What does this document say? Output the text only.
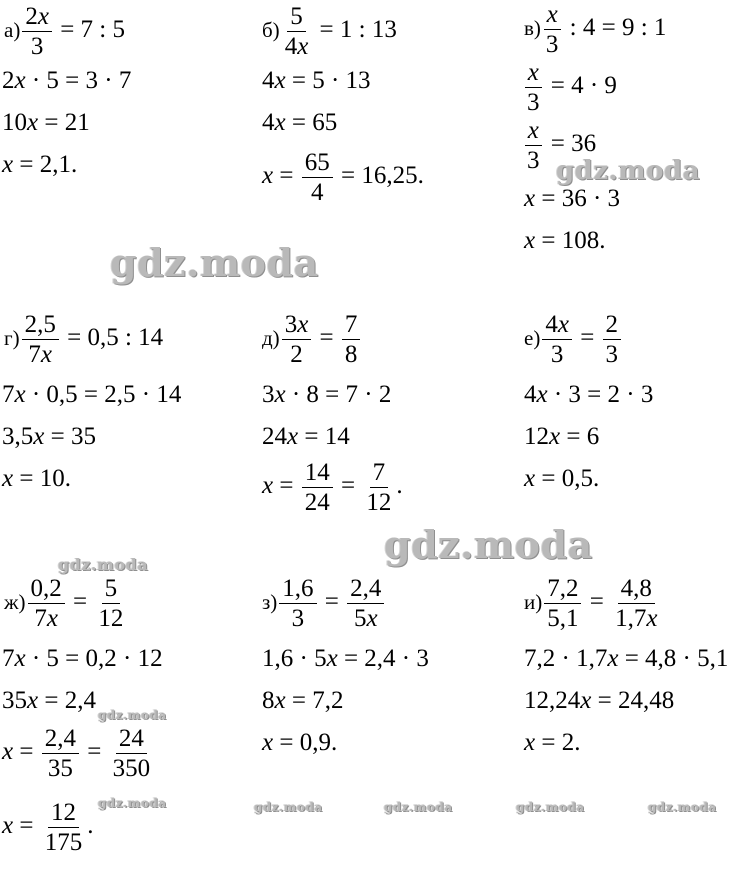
$а) \frac{2x}{3} = 7$ : 5
2x · 5 = 3 · 7
10x = 21
x = 2,1.
$б) \frac{5}{4x} = 1$ : 13
4x = 5 · 13
4x = 65
$x = \frac{65}{4} = 16,25$.
$в) \frac{x}{3}$ : 4 = 9 : 1
$\frac{x}{3} = 4 \cdot 9$
$\frac{x}{3} = 36$
x = 36 · 3
x = 108.
$г) \frac{2,5}{7x} = 0,5$ : 14
7x · 0,5 = 2,5 · 14
3,5x = 35
x = 10.
$д) \frac{3x}{2} = \frac{7}{8}$
3x · 8 = 7 · 2
24x = 14
$x = \frac{14}{24} = \frac{7}{12}$ .
$е) \frac{4x}{3} = \frac{2}{3}$
4x · 3 = 2 · 3
12x = 6
x = 0,5.
$ж) \frac{0,2}{7x} = \frac{5}{12}$
7x · 5 = 0,2 · 12
35x = 2,4
$x = \frac{2,4}{35} = \frac{24}{350}$
$x = \frac{12}{175}$ .
$з) \frac{1,6}{3} = \frac{2,4}{5x}$
1,6 · 5x = 2,4 · 3
8x = 7,2
x = 0,9.
$и) \frac{7,2}{5,1} = \frac{4,8}{1,7x}$
7,2 · 1,7x = 4,8 · 5,1
12,24x = 24,48
x = 2.
gdz.moda
gdz.moda
gdz.moda
gdz.moda
gdz.moda
gdz.moda	gdz.moda	gdz.moda	gdz.moda	gdz.moda
